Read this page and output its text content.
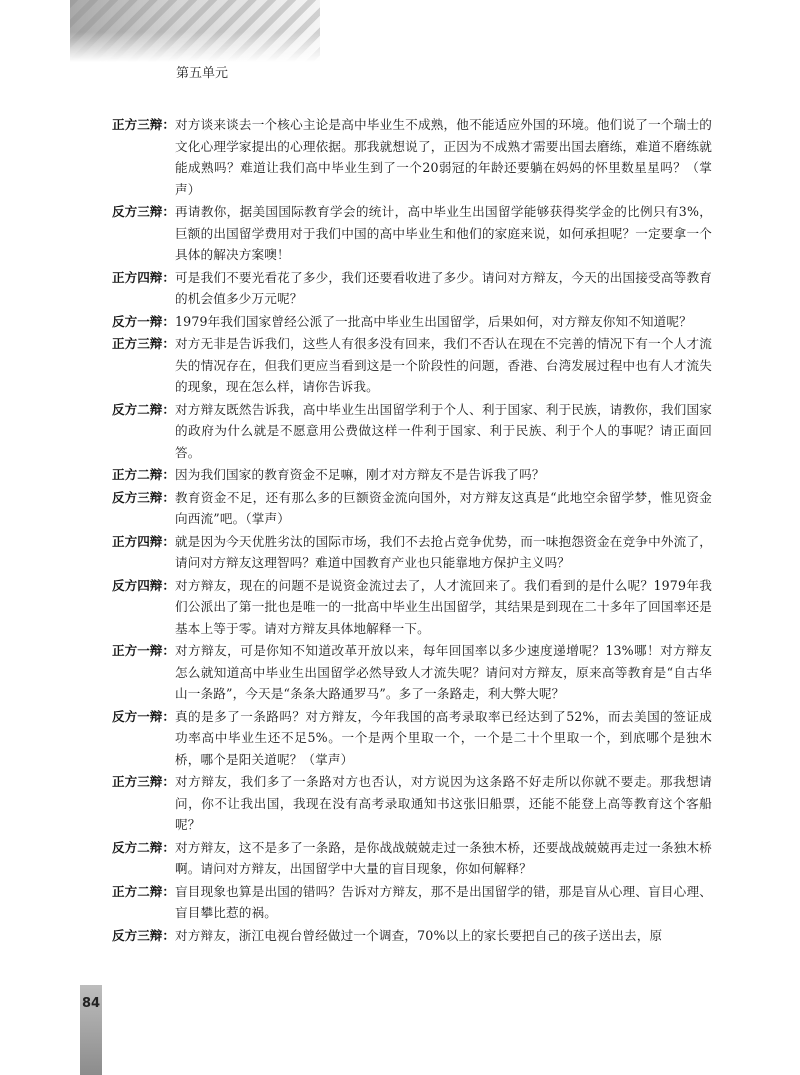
第五单元
正方三辩： 对方谈来谈去一个核心主论是高中毕业生不成熟，他不能适应外国的环境。他们说了一个瑞士的文化心理学家提出的心理依据。那我就想说了，正因为不成熟才需要出国去磨练，难道不磨练就能成熟吗？难道让我们高中毕业生到了一个20弱冠的年龄还要躺在妈妈的怀里数星星吗？（掌声）
反方三辩： 再请教你，据美国国际教育学会的统计，高中毕业生出国留学能够获得奖学金的比例只有3%，巨额的出国留学费用对于我们中国的高中毕业生和他们的家庭来说，如何承担呢？一定要拿一个具体的解决方案噢！
正方四辩： 可是我们不要光看花了多少，我们还要看收进了多少。请问对方辩友，今天的出国接受高等教育的机会值多少万元呢？
反方一辩： 1979年我们国家曾经公派了一批高中毕业生出国留学，后果如何，对方辩友你知不知道呢？
正方三辩： 对方无非是告诉我们，这些人有很多没有回来，我们不否认在现在不完善的情况下有一个人才流失的情况存在，但我们更应当看到这是一个阶段性的问题，香港、台湾发展过程中也有人才流失的现象，现在怎么样，请你告诉我。
反方二辩： 对方辩友既然告诉我，高中毕业生出国留学利于个人、利于国家、利于民族，请教你，我们国家的政府为什么就是不愿意用公费做这样一件利于国家、利于民族、利于个人的事呢？请正面回答。
正方二辩： 因为我们国家的教育资金不足嘛，刚才对方辩友不是告诉我了吗？
反方三辩： 教育资金不足，还有那么多的巨额资金流向国外，对方辩友这真是“此地空余留学梦，惟见资金向西流”吧。（掌声）
正方四辩： 就是因为今天优胜劣汰的国际市场，我们不去抢占竞争优势，而一味抱怨资金在竞争中外流了，请问对方辩友这理智吗？难道中国教育产业也只能靠地方保护主义吗？
反方四辩： 对方辩友，现在的问题不是说资金流过去了，人才流回来了。我们看到的是什么呢？1979年我们公派出了第一批也是唯一的一批高中毕业生出国留学，其结果是到现在二十多年了回国率还是基本上等于零。请对方辩友具体地解释一下。
正方一辩： 对方辩友，可是你知不知道改革开放以来，每年回国率以多少速度递增呢？13%哪！对方辩友怎么就知道高中毕业生出国留学必然导致人才流失呢？请问对方辩友，原来高等教育是“自古华山一条路”，今天是“条条大路通罗马”。多了一条路走，利大弊大呢？
反方一辩： 真的是多了一条路吗？对方辩友，今年我国的高考录取率已经达到了52%，而去美国的签证成功率高中毕业生还不足5%。一个是两个里取一个，一个是二十个里取一个，到底哪个是独木桥，哪个是阳关道呢？（掌声）
正方三辩： 对方辩友，我们多了一条路对方也否认，对方说因为这条路不好走所以你就不要走。那我想请问，你不让我出国，我现在没有高考录取通知书这张旧船票，还能不能登上高等教育这个客船呢？
反方二辩： 对方辩友，这不是多了一条路，是你战战兢兢走过一条独木桥，还要战战兢兢再走过一条独木桥啊。请问对方辩友，出国留学中大量的盲目现象，你如何解释？
正方二辩： 盲目现象也算是出国的错吗？告诉对方辩友，那不是出国留学的错，那是盲从心理、盲目心理、盲目攀比惹的祸。
反方三辩： 对方辩友，浙江电视台曾经做过一个调查，70%以上的家长要把自己的孩子送出去，原
84
